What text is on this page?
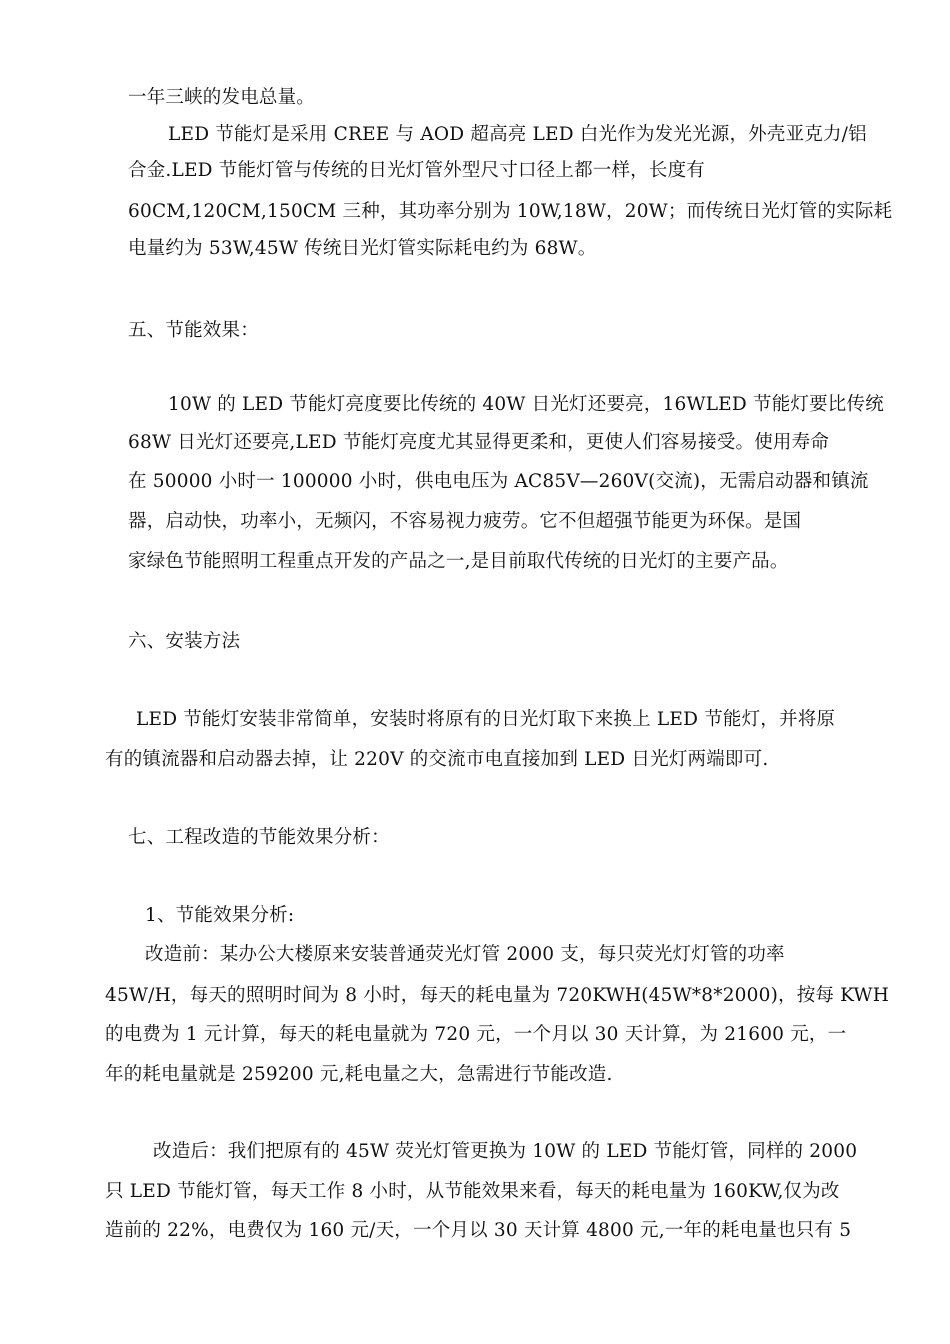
一年三峡的发电总量。
LED 节能灯是采用 CREE 与 AOD 超高亮 LED 白光作为发光光源，外壳亚克力/铝
合金.LED 节能灯管与传统的日光灯管外型尺寸口径上都一样，长度有
60CM,120CM,150CM 三种，其功率分别为 10W,18W，20W；而传统日光灯管的实际耗
电量约为 53W,45W 传统日光灯管实际耗电约为 68W。
五、节能效果：
10W 的 LED 节能灯亮度要比传统的 40W 日光灯还要亮，16WLED 节能灯要比传统
68W 日光灯还要亮,LED 节能灯亮度尤其显得更柔和，更使人们容易接受。使用寿命
在 50000 小时一 100000 小时，供电电压为 AC85V—260V(交流)，无需启动器和镇流
器，启动快，功率小，无频闪，不容易视力疲劳。它不但超强节能更为环保。是国
家绿色节能照明工程重点开发的产品之一,是目前取代传统的日光灯的主要产品。
六、安装方法
LED 节能灯安装非常简单，安装时将原有的日光灯取下来换上 LED 节能灯，并将原
有的镇流器和启动器去掉，让 220V 的交流市电直接加到 LED 日光灯两端即可.
七、工程改造的节能效果分析：
1、节能效果分析:
改造前：某办公大楼原来安装普通荧光灯管 2000 支，每只荧光灯灯管的功率
45W/H，每天的照明时间为 8 小时，每天的耗电量为 720KWH(45W*8*2000)，按每 KWH
的电费为 1 元计算，每天的耗电量就为 720 元，一个月以 30 天计算，为 21600 元，一
年的耗电量就是 259200 元,耗电量之大，急需进行节能改造.
改造后：我们把原有的 45W 荧光灯管更换为 10W 的 LED 节能灯管，同样的 2000
只 LED 节能灯管，每天工作 8 小时，从节能效果来看，每天的耗电量为 160KW,仅为改
造前的 22%，电费仅为 160 元/天，一个月以 30 天计算 4800 元,一年的耗电量也只有 5
